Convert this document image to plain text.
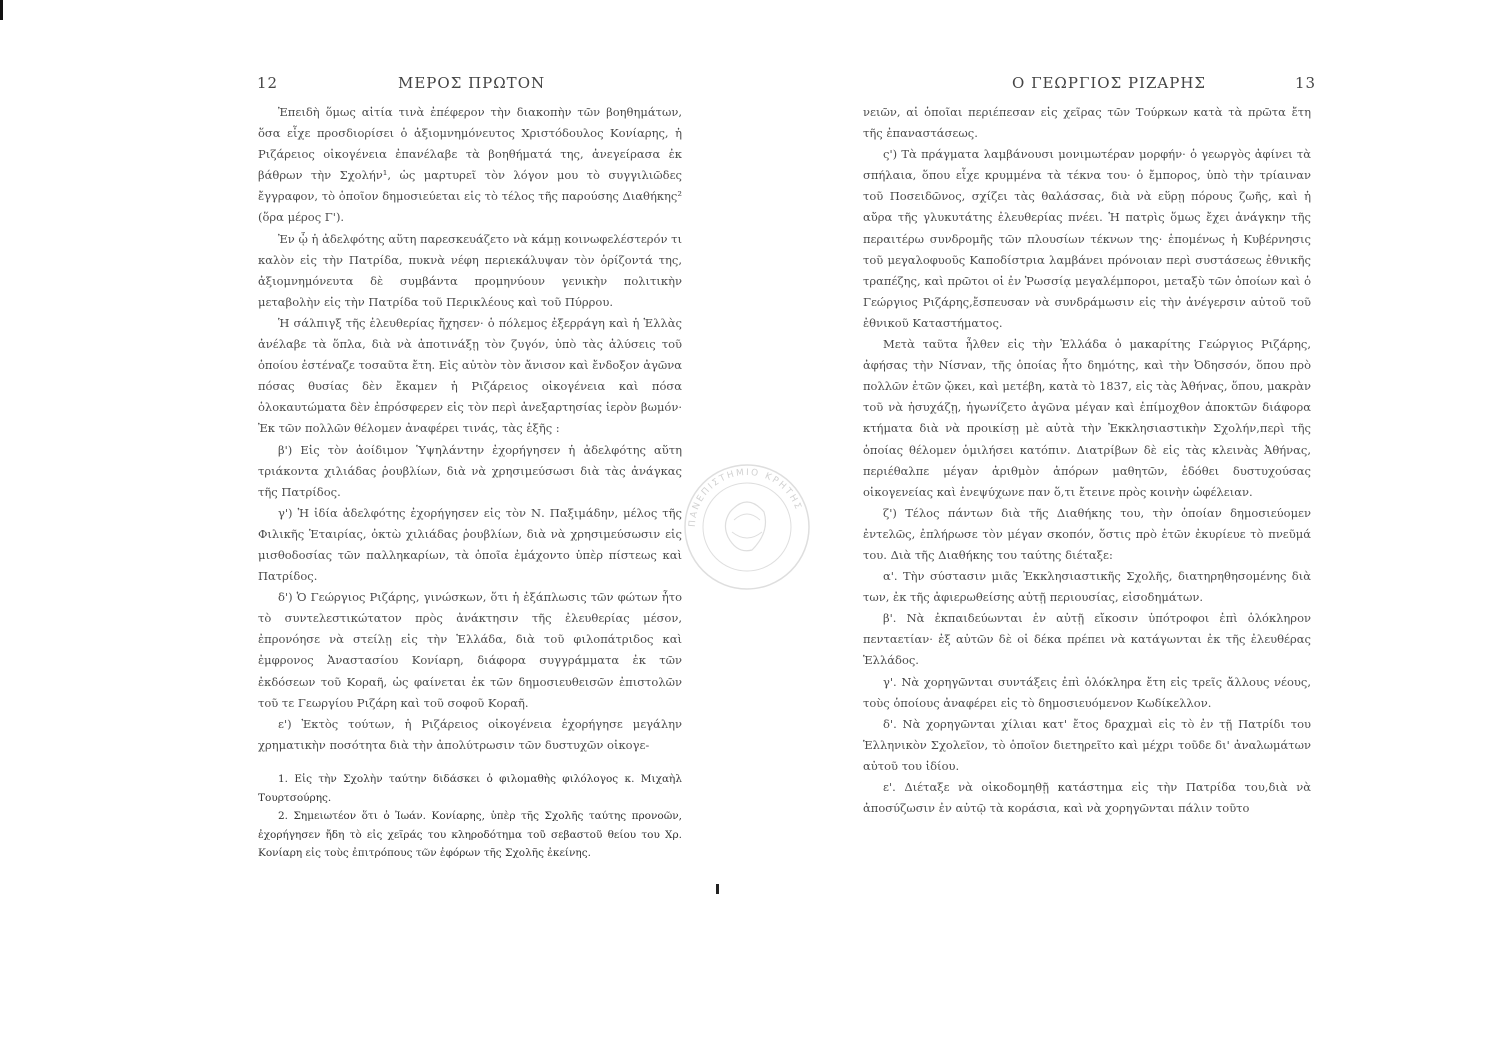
12	ΜΕΡΟΣ ΠΡΩΤΟΝ

Ἐπειδὴ ὅμως αἰτία τινὰ ἐπέφερον τὴν διακοπὴν τῶν βοηθημάτων, ὅσα εἶχε προσδιορίσει ὁ ἀξιομνημόνευτος Χριστόδουλος Κονίαρης, ἡ Ριζάρειος οἰκογένεια ἐπανέλαβε τὰ βοηθήματά της, ἀνεγείρασα ἐκ βάθρων τὴν Σχολήν¹, ὡς μαρτυρεῖ τὸν λόγον μου τὸ συγγιλιῶδες ἔγγραφον, τὸ ὁποῖον δημοσιεύεται εἰς τὸ τέλος τῆς παρούσης Διαθήκης² (ὅρα μέρος Γ').

Ἐν ᾧ ἡ ἀδελφότης αὕτη παρεσκευάζετο νὰ κάμῃ κοινωφελέστερόν τι καλὸν εἰς τὴν Πατρίδα, πυκνὰ νέφη περιεκάλυψαν τὸν ὁρίζοντά της, ἀξιομνημόνευτα δὲ συμβάντα προμηνύουν γενικὴν πολιτικὴν μεταβολὴν εἰς τὴν Πατρίδα τοῦ Περικλέους καὶ τοῦ Πύρρου.

Ἡ σάλπιγξ τῆς ἐλευθερίας ἤχησεν· ὁ πόλεμος ἐξερράγη καὶ ἡ Ἑλλὰς ἀνέλαβε τὰ ὅπλα, διὰ νὰ ἀποτινάξῃ τὸν ζυγόν, ὑπὸ τὰς ἀλύσεις τοῦ ὁποίου ἐστέναζε τοσαῦτα ἔτη. Εἰς αὐτὸν τὸν ἄνισον καὶ ἔνδοξον ἀγῶνα πόσας θυσίας δὲν ἔκαμεν ἡ Ριζάρειος οἰκογένεια καὶ πόσα ὁλοκαυτώματα δὲν ἐπρόσφερεν εἰς τὸν περὶ ἀνεξαρτησίας ἱερὸν βωμόν· Ἐκ τῶν πολλῶν θέλομεν ἀναφέρει τινάς, τὰς ἑξῆς :

β') Εἰς τὸν ἀοίδιμον Ὑψηλάντην ἐχορήγησεν ἡ ἀδελφότης αὕτη τριάκοντα χιλιάδας ῥουβλίων, διὰ νὰ χρησιμεύσωσι διὰ τὰς ἀνάγκας τῆς Πατρίδος.

γ') Ἡ ἰδία ἀδελφότης ἐχορήγησεν εἰς τὸν Ν. Παξιμάδην, μέλος τῆς Φιλικῆς Ἑταιρίας, ὀκτὼ χιλιάδας ῥουβλίων, διὰ νὰ χρησιμεύσωσιν εἰς μισθοδοσίας τῶν παλληκαρίων, τὰ ὁποῖα ἐμάχοντο ὑπὲρ πίστεως καὶ Πατρίδος.

δ') Ὁ Γεώργιος Ριζάρης, γινώσκων, ὅτι ἡ ἐξάπλωσις τῶν φώτων ἦτο τὸ συντελεστικώτατον πρὸς ἀνάκτησιν τῆς ἐλευθερίας μέσον, ἐπρονόησε νὰ στείλῃ εἰς τὴν Ἑλλάδα, διὰ τοῦ φιλοπάτριδος καὶ ἐμφρονος Ἀναστασίου Κονίαρη, διάφορα συγγράμματα ἐκ τῶν ἐκδόσεων τοῦ Κοραῆ, ὡς φαίνεται ἐκ τῶν δημοσιευθεισῶν ἐπιστολῶν τοῦ τε Γεωργίου Ριζάρη καὶ τοῦ σοφοῦ Κοραῆ.

ε') Ἐκτὸς τούτων, ἡ Ριζάρειος οἰκογένεια ἐχορήγησε μεγάλην χρηματικὴν ποσότητα διὰ τὴν ἀπολύτρωσιν τῶν δυστυχῶν οἰκογε-

1. Εἰς τὴν Σχολὴν ταύτην διδάσκει ὁ φιλομαθὴς φιλόλογος κ. Μιχαὴλ Τουρτσούρης.

2. Σημειωτέον ὅτι ὁ Ἰωάν. Κονίαρης, ὑπὲρ τῆς Σχολῆς ταύτης προνοῶν, ἐχορήγησεν ἤδη τὸ εἰς χεῖράς του κληροδότημα τοῦ σεβαστοῦ θείου του Χρ. Κονίαρη εἰς τοὺς ἐπιτρόπους τῶν ἐφόρων τῆς Σχολῆς ἐκείνης.

ΠΑΝΕΠΙΣΤΗΜΙΟ ΚΡΗΤΗΣ
Ο ΓΕΩΡΓΙΟΣ ΡΙΖΑΡΗΣ	13

νειῶν, αἱ ὁποῖαι περιέπεσαν εἰς χεῖρας τῶν Τούρκων κατὰ τὰ πρῶτα ἔτη τῆς ἐπαναστάσεως.

ς') Τὰ πράγματα λαμβάνουσι μονιμωτέραν μορφήν· ὁ γεωργὸς ἀφίνει τὰ σπήλαια, ὅπου εἶχε κρυμμένα τὰ τέκνα του· ὁ ἔμπορος, ὑπὸ τὴν τρίαιναν τοῦ Ποσειδῶνος, σχίζει τὰς θαλάσσας, διὰ νὰ εὕρῃ πόρους ζωῆς, καὶ ἡ αὔρα τῆς γλυκυτάτης ἐλευθερίας πνέει. Ἡ πατρὶς ὅμως ἔχει ἀνάγκην τῆς περαιτέρω συνδρομῆς τῶν πλουσίων τέκνων της· ἑπομένως ἡ Κυβέρνησις τοῦ μεγαλοφυοῦς Καποδίστρια λαμβάνει πρόνοιαν περὶ συστάσεως ἐθνικῆς τραπέζης, καὶ πρῶτοι οἱ ἐν Ῥωσσίᾳ μεγαλέμποροι, μεταξὺ τῶν ὁποίων καὶ ὁ Γεώργιος Ριζάρης,ἔσπευσαν νὰ συνδράμωσιν εἰς τὴν ἀνέγερσιν αὐτοῦ τοῦ ἐθνικοῦ Καταστήματος.

Μετὰ ταῦτα ἦλθεν εἰς τὴν Ἑλλάδα ὁ μακαρίτης Γεώργιος Ριζάρης, ἀφήσας τὴν Νίσναν, τῆς ὁποίας ἦτο δημότης, καὶ τὴν Ὀδησσόν, ὅπου πρὸ πολλῶν ἐτῶν ᾤκει, καὶ μετέβη, κατὰ τὸ 1837, εἰς τὰς Ἀθήνας, ὅπου, μακρὰν τοῦ νὰ ἡσυχάζῃ, ἠγωνίζετο ἀγῶνα μέγαν καὶ ἐπίμοχθον ἀποκτῶν διάφορα κτήματα διὰ νὰ προικίσῃ μὲ αὐτὰ τὴν Ἐκκλησιαστικὴν Σχολήν,περὶ τῆς ὁποίας θέλομεν ὁμιλήσει κατόπιν. Διατρίβων δὲ εἰς τὰς κλεινὰς Ἀθήνας, περιέθαλπε μέγαν ἀριθμὸν ἀπόρων μαθητῶν, ἐδόθει δυστυχούσας οἰκογενείας καὶ ἐνεψύχωνε παν ὅ,τι ἔτεινε πρὸς κοινὴν ὠφέλειαν.

ζ') Τέλος πάντων διὰ τῆς Διαθήκης του, τὴν ὁποίαν δημοσιεύομεν ἐντελῶς, ἐπλήρωσε τὸν μέγαν σκοπόν, ὅστις πρὸ ἐτῶν ἐκυρίευε τὸ πνεῦμά του. Διὰ τῆς Διαθήκης του ταύτης διέταξε:

α'. Τὴν σύστασιν μιᾶς Ἐκκλησιαστικῆς Σχολῆς, διατηρηθησομένης διὰ των, ἐκ τῆς ἀφιερωθείσης αὐτῇ περιουσίας, εἰσοδημάτων.

β'. Νὰ ἐκπαιδεύωνται ἐν αὐτῇ εἴκοσιν ὑπότροφοι ἐπὶ ὁλόκληρον πενταετίαν· ἐξ αὐτῶν δὲ οἱ δέκα πρέπει νὰ κατάγωνται ἐκ τῆς ἐλευθέρας Ἑλλάδος.

γ'. Νὰ χορηγῶνται συντάξεις ἐπὶ ὁλόκληρα ἔτη εἰς τρεῖς ἄλλους νέους, τοὺς ὁποίους ἀναφέρει εἰς τὸ δημοσιευόμενον Κωδίκελλον.

δ'. Νὰ χορηγῶνται χίλιαι κατ' ἔτος δραχμαὶ εἰς τὸ ἐν τῇ Πατρίδι του Ἑλληνικὸν Σχολεῖον, τὸ ὁποῖον διετηρεῖτο καὶ μέχρι τοῦδε δι' ἀναλωμάτων αὐτοῦ του ἰδίου.

ε'. Διέταξε νὰ οἰκοδομηθῇ κατάστημα εἰς τὴν Πατρίδα του,διὰ νὰ ἀποσύζωσιν ἐν αὐτῷ τὰ κοράσια, καὶ νὰ χορηγῶνται πάλιν τοῦτο
